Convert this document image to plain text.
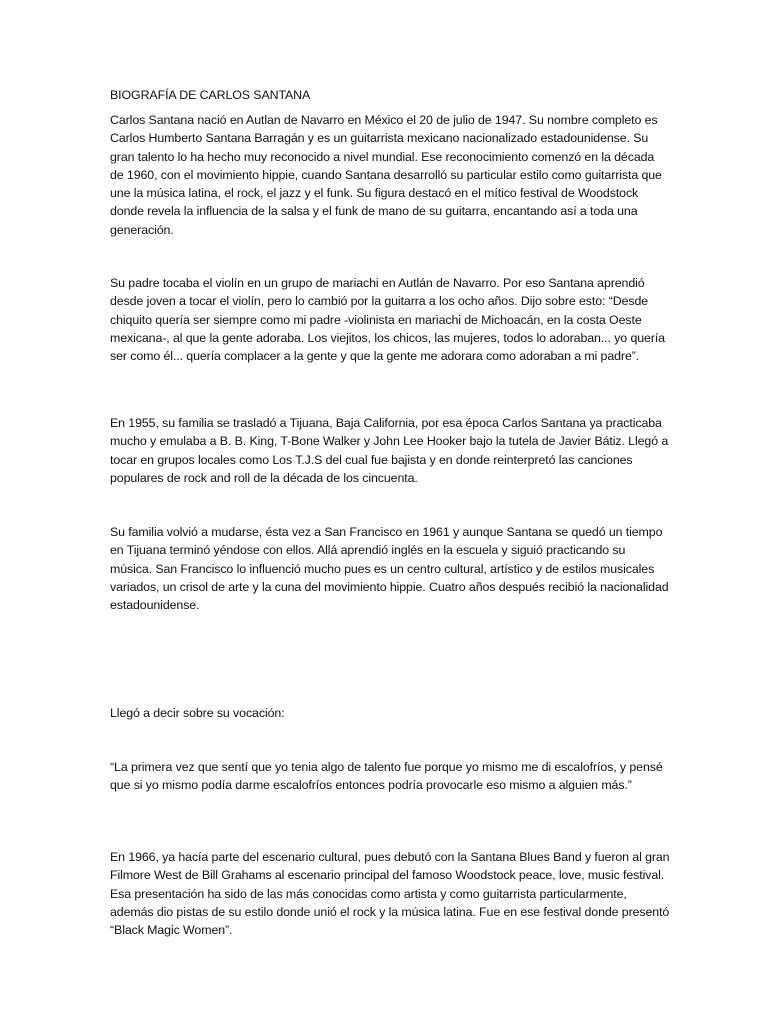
BIOGRAFÍA DE CARLOS SANTANA

Carlos Santana nació en Autlan de Navarro en México el 20 de julio de 1947. Su nombre completo es Carlos Humberto Santana Barragán y es un guitarrista mexicano nacionalizado estadounidense. Su gran talento lo ha hecho muy reconocido a nivel mundial. Ese reconocimiento comenzó en la década de 1960, con el movimiento hippie, cuando Santana desarrolló su particular estilo como guitarrista que une la música latina, el rock, el jazz y el funk. Su figura destacó en el mítico festival de Woodstock donde revela la influencia de la salsa y el funk de mano de su guitarra, encantando así a toda una generación.

Su padre tocaba el violín en un grupo de mariachi en Autlán de Navarro. Por eso Santana aprendió desde joven a tocar el violín, pero lo cambió por la guitarra a los ocho años. Dijo sobre esto: “Desde chiquito quería ser siempre como mi padre -violinista en mariachi de Michoacán, en la costa Oeste mexicana-, al que la gente adoraba. Los viejitos, los chicos, las mujeres, todos lo adoraban... yo quería ser como él... quería complacer a la gente y que la gente me adorara como adoraban a mi padre”.

En 1955, su familia se trasladó a Tijuana, Baja California, por esa época Carlos Santana ya practicaba mucho y emulaba a B. B. King, T-Bone Walker y John Lee Hooker bajo la tutela de Javier Bátiz. Llegó a tocar en grupos locales como Los T.J.S del cual fue bajista y en donde reinterpretó las canciones populares de rock and roll de la década de los cincuenta.

Su familia volvió a mudarse, ésta vez a San Francisco en 1961 y aunque Santana se quedó un tiempo en Tijuana terminó yéndose con ellos. Allá aprendió inglés en la escuela y siguió practicando su música. San Francisco lo influenció mucho pues es un centro cultural, artístico y de estilos musicales variados, un crisol de arte y la cuna del movimiento hippie. Cuatro años después recibió la nacionalidad estadounidense.

Llegó a decir sobre su vocación:

“La primera vez que sentí que yo tenia algo de talento fue porque yo mismo me di escalofríos, y pensé que si yo mismo podía darme escalofríos entonces podría provocarle eso mismo a alguien más.”

En 1966, ya hacía parte del escenario cultural, pues debutó con la Santana Blues Band y fueron al gran Filmore West de Bill Grahams al escenario principal del famoso Woodstock peace, love, music festival. Esa presentación ha sido de las más conocidas como artista y como guitarrista particularmente, además dio pistas de su estilo donde unió el rock y la música latina. Fue en ese festival donde presentó “Black Magic Women”.
